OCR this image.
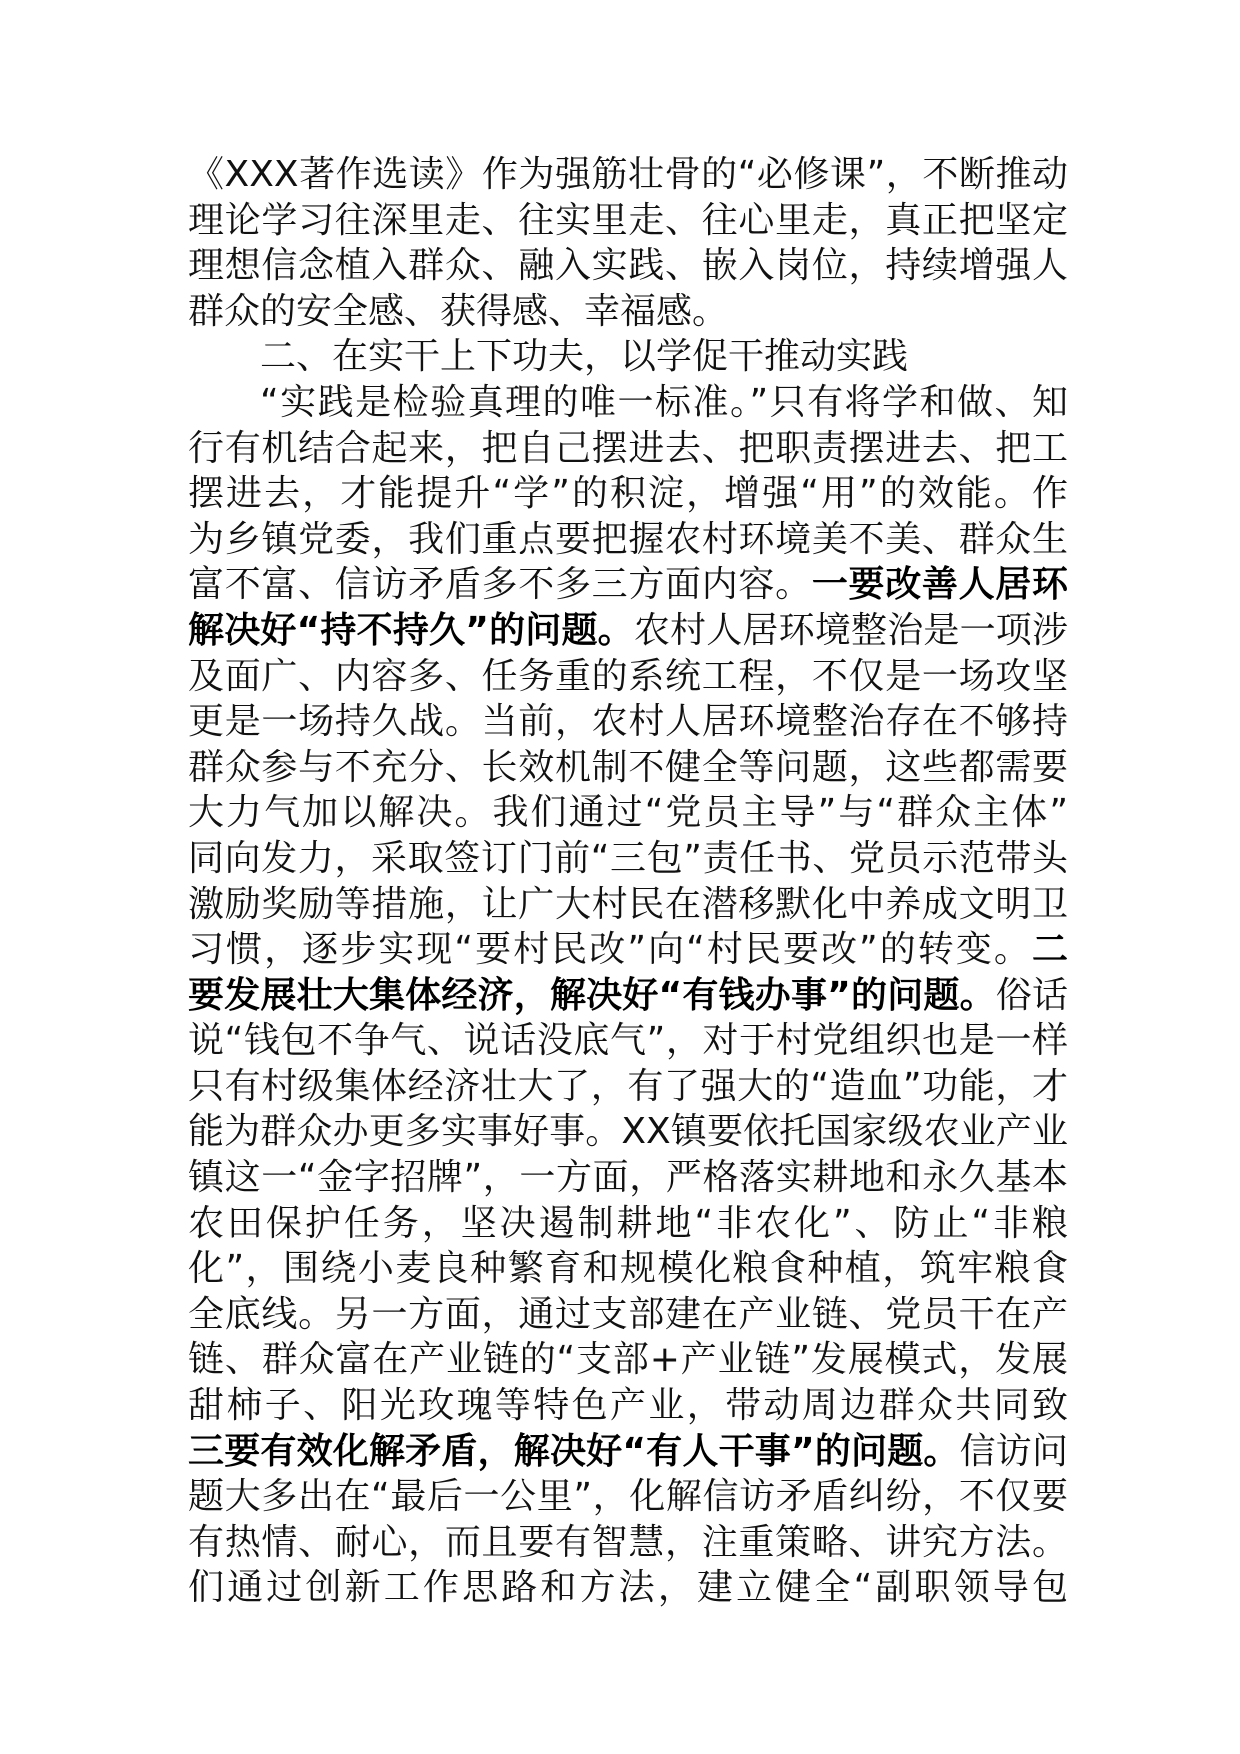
《XXX著作选读》作为强筋壮骨的“必修课”，不断推动
理论学习往深里走、往实里走、往心里走，真正把坚定
理想信念植入群众、融入实践、嵌入岗位，持续增强人
群众的安全感、获得感、幸福感。
二、在实干上下功夫，以学促干推动实践
“实践是检验真理的唯一标准。”只有将学和做、知
行有机结合起来，把自己摆进去、把职责摆进去、把工
摆进去，才能提升“学”的积淀，增强“用”的效能。作
为乡镇党委，我们重点要把握农村环境美不美、群众生
富不富、信访矛盾多不多三方面内容。一要改善人居环
解决好“持不持久”的问题。农村人居环境整治是一项涉
及面广、内容多、任务重的系统工程，不仅是一场攻坚
更是一场持久战。当前，农村人居环境整治存在不够持
群众参与不充分、长效机制不健全等问题，这些都需要
大力气加以解决。我们通过“党员主导”与“群众主体”
同向发力，采取签订门前“三包”责任书、党员示范带头
激励奖励等措施，让广大村民在潜移默化中养成文明卫
习惯，逐步实现“要村民改”向“村民要改”的转变。二
要发展壮大集体经济，解决好“有钱办事”的问题。俗话
说“钱包不争气、说话没底气”，对于村党组织也是一样
只有村级集体经济壮大了，有了强大的“造血”功能，才
能为群众办更多实事好事。XX镇要依托国家级农业产业
镇这一“金字招牌”，一方面，严格落实耕地和永久基本
农田保护任务，坚决遏制耕地“非农化”、防止“非粮
化”，围绕小麦良种繁育和规模化粮食种植，筑牢粮食
全底线。另一方面，通过支部建在产业链、党员干在产
链、群众富在产业链的“支部+产业链”发展模式，发展
甜柿子、阳光玫瑰等特色产业，带动周边群众共同致
三要有效化解矛盾，解决好“有人干事”的问题。信访问
题大多出在“最后一公里”，化解信访矛盾纠纷，不仅要
有热情、耐心，而且要有智慧，注重策略、讲究方法。
们通过创新工作思路和方法，建立健全“副职领导包
